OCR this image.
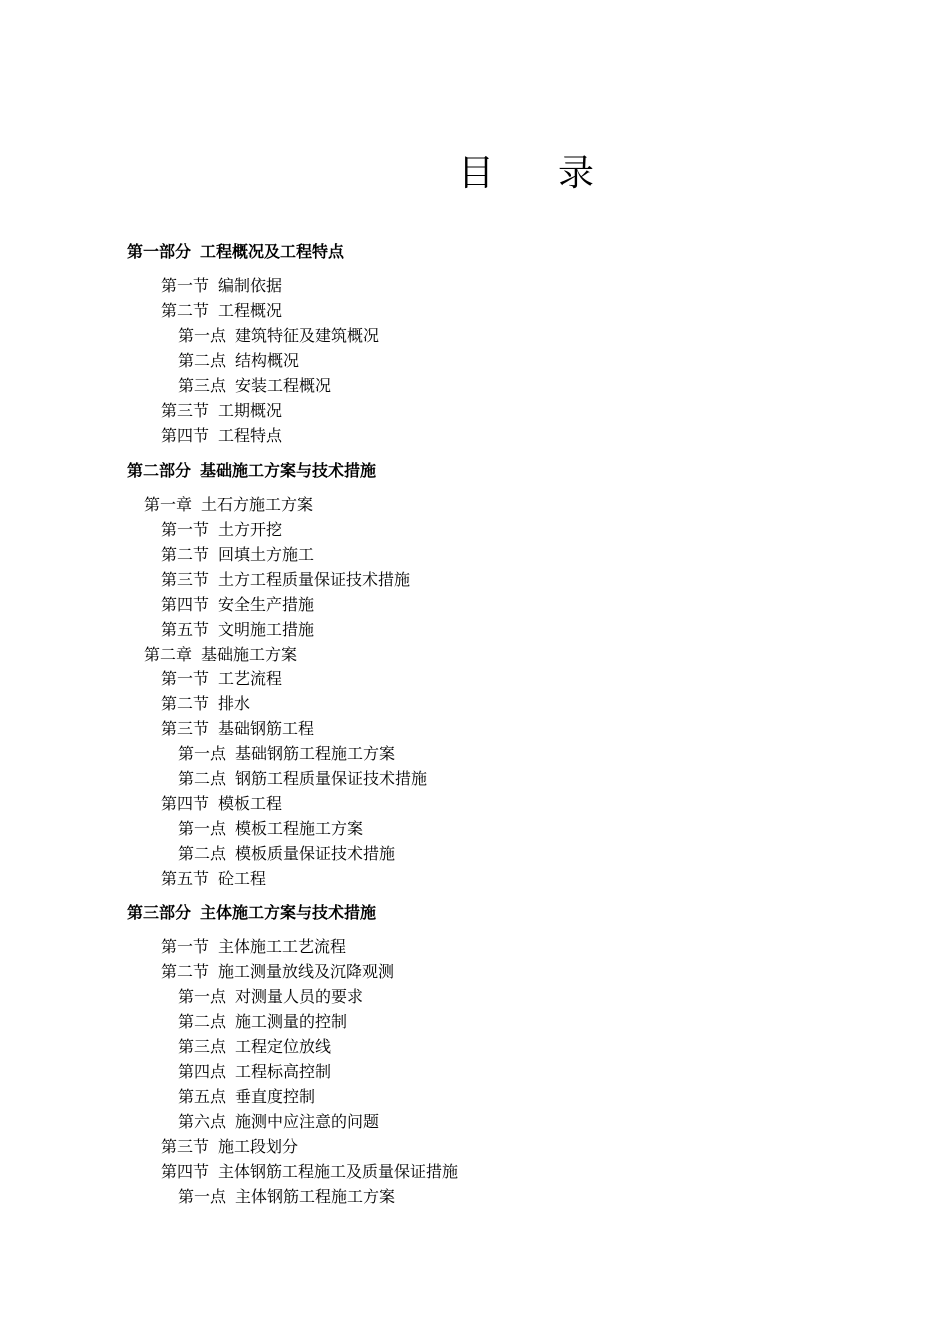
目 录
第一部分 工程概况及工程特点
第一节 编制依据
第二节 工程概况
第一点 建筑特征及建筑概况
第二点 结构概况
第三点 安装工程概况
第三节 工期概况
第四节 工程特点
第二部分 基础施工方案与技术措施
第一章 土石方施工方案
第一节 土方开挖
第二节 回填土方施工
第三节 土方工程质量保证技术措施
第四节 安全生产措施
第五节 文明施工措施
第二章 基础施工方案
第一节 工艺流程
第二节 排水
第三节 基础钢筋工程
第一点 基础钢筋工程施工方案
第二点 钢筋工程质量保证技术措施
第四节 模板工程
第一点 模板工程施工方案
第二点 模板质量保证技术措施
第五节 砼工程
第三部分 主体施工方案与技术措施
第一节 主体施工工艺流程
第二节 施工测量放线及沉降观测
第一点 对测量人员的要求
第二点 施工测量的控制
第三点 工程定位放线
第四点 工程标高控制
第五点 垂直度控制
第六点 施测中应注意的问题
第三节 施工段划分
第四节 主体钢筋工程施工及质量保证措施
第一点 主体钢筋工程施工方案
